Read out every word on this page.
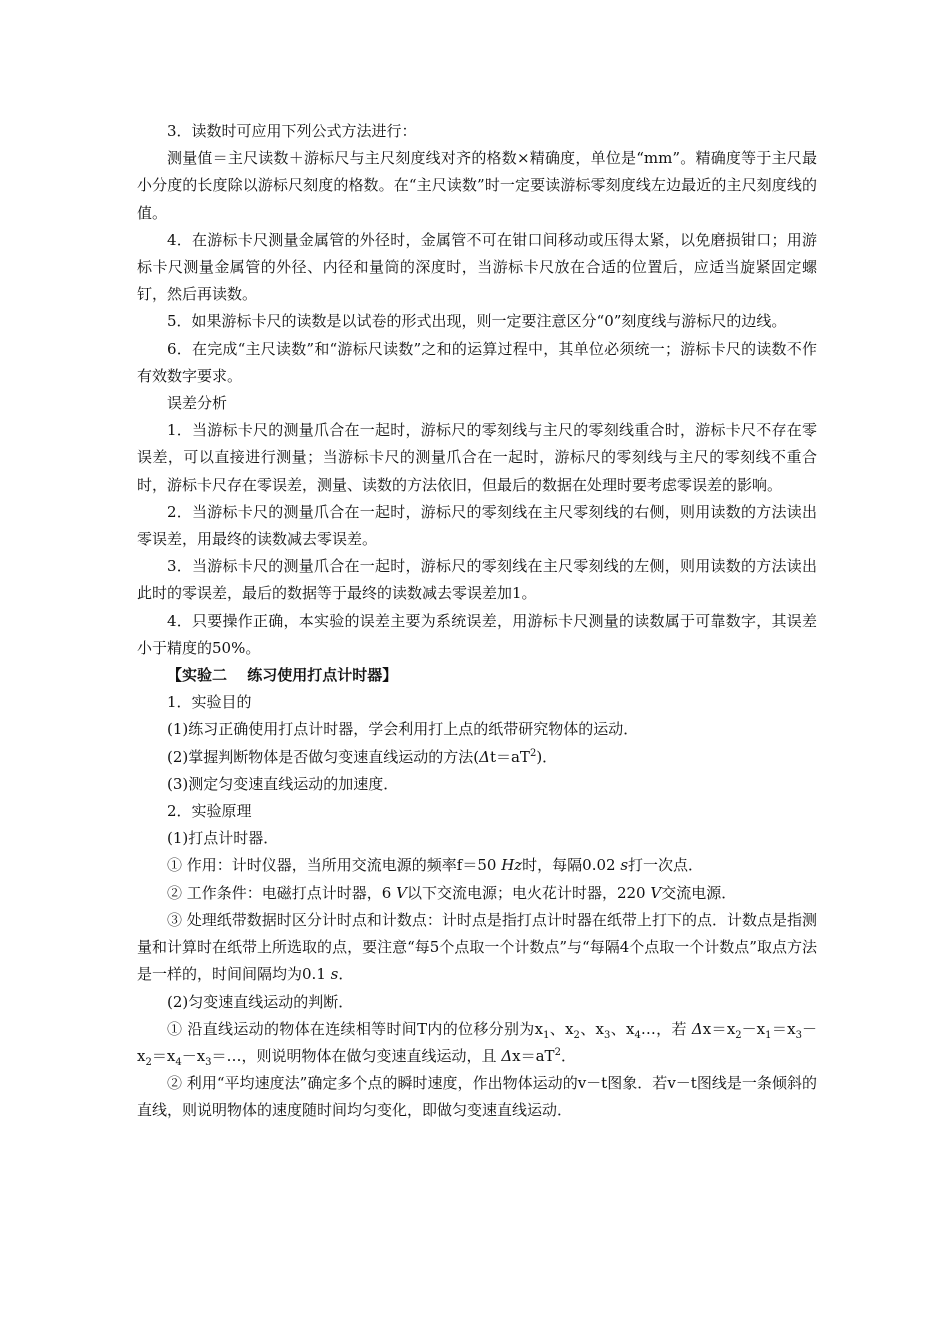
3．读数时可应用下列公式方法进行：

测量值＝主尺读数＋游标尺与主尺刻度线对齐的格数×精确度，单位是“mm”。精确度等于主尺最小分度的长度除以游标尺刻度的格数。在“主尺读数”时一定要读游标零刻度线左边最近的主尺刻度线的值。

4．在游标卡尺测量金属管的外径时，金属管不可在钳口间移动或压得太紧，以免磨损钳口；用游标卡尺测量金属管的外径、内径和量筒的深度时，当游标卡尺放在合适的位置后，应适当旋紧固定螺钉，然后再读数。

5．如果游标卡尺的读数是以试卷的形式出现，则一定要注意区分“0”刻度线与游标尺的边线。

6．在完成“主尺读数”和“游标尺读数”之和的运算过程中，其单位必须统一；游标卡尺的读数不作有效数字要求。

误差分析

1．当游标卡尺的测量爪合在一起时，游标尺的零刻线与主尺的零刻线重合时，游标卡尺不存在零误差，可以直接进行测量；当游标卡尺的测量爪合在一起时，游标尺的零刻线与主尺的零刻线不重合时，游标卡尺存在零误差，测量、读数的方法依旧，但最后的数据在处理时要考虑零误差的影响。

2．当游标卡尺的测量爪合在一起时，游标尺的零刻线在主尺零刻线的右侧，则用读数的方法读出零误差，用最终的读数减去零误差。

3．当游标卡尺的测量爪合在一起时，游标尺的零刻线在主尺零刻线的左侧，则用读数的方法读出此时的零误差，最后的数据等于最终的读数减去零误差加1。

4．只要操作正确，本实验的误差主要为系统误差，用游标卡尺测量的读数属于可靠数字，其误差小于精度的50%。

【实验二　 练习使用打点计时器】

1．实验目的

(1)练习正确使用打点计时器，学会利用打上点的纸带研究物体的运动．

(2)掌握判断物体是否做匀变速直线运动的方法$(\Delta t=aT^2)$．

(3)测定匀变速直线运动的加速度．

2．实验原理

(1)打点计时器．

① 作用：计时仪器，当所用交流电源的频率f＝50 Hz时，每隔0.02 s打一次点．

② 工作条件：电磁打点计时器，6 V以下交流电源；电火花计时器，220 V交流电源．

③ 处理纸带数据时区分计时点和计数点：计时点是指打点计时器在纸带上打下的点．计数点是指测量和计算时在纸带上所选取的点，要注意“每5个点取一个计数点”与“每隔4个点取一个计数点”取点方法是一样的，时间间隔均为0.1 s．

(2)匀变速直线运动的判断．

① 沿直线运动的物体在连续相等时间T内的位移分别为$x_1$、$x_2$、$x_3$、$x_4\dots$，若 $\Delta x=x_2-x_1=x_3-x_2=x_4-x_3=\dots$，则说明物体在做匀变速直线运动，且 $\Delta x=aT^2$．

② 利用“平均速度法”确定多个点的瞬时速度，作出物体运动的v－t图象．若v－t图线是一条倾斜的直线，则说明物体的速度随时间均匀变化，即做匀变速直线运动．
